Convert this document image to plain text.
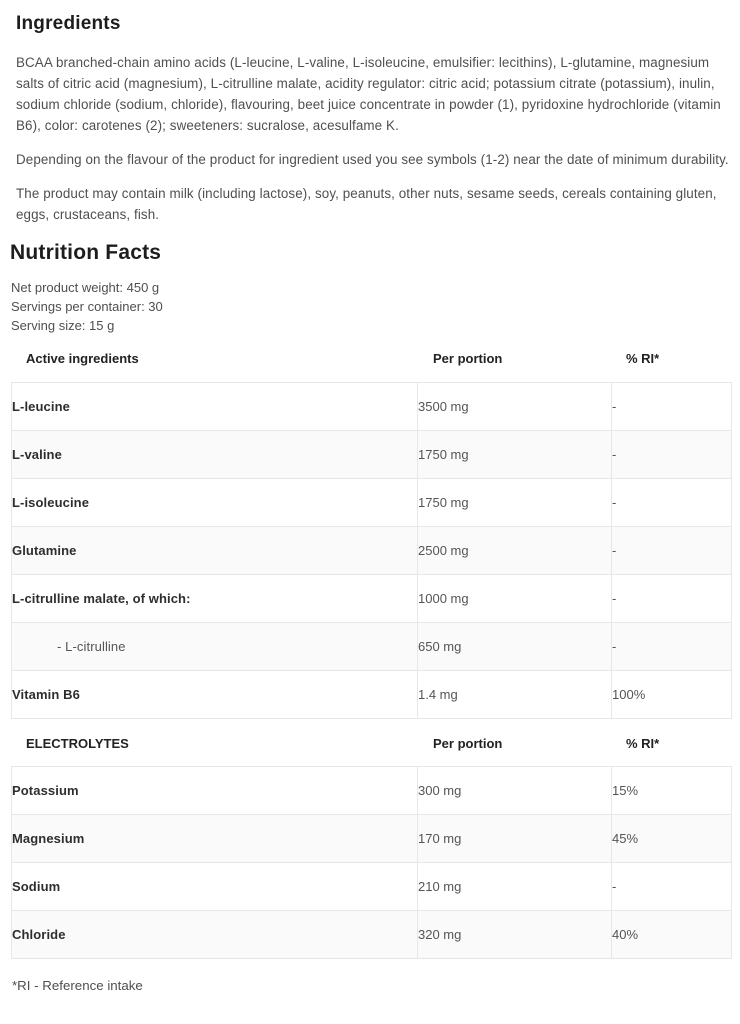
Ingredients

BCAA branched-chain amino acids (L-leucine, L-valine, L-isoleucine, emulsifier: lecithins), L-glutamine, magnesium salts of citric acid (magnesium), L-citrulline malate, acidity regulator: citric acid; potassium citrate (potassium), inulin, sodium chloride (sodium, chloride), flavouring, beet juice concentrate in powder (1), pyridoxine hydrochloride (vitamin B6), color: carotenes (2); sweeteners: sucralose, acesulfame K.

Depending on the flavour of the product for ingredient used you see symbols (1-2) near the date of minimum durability.

The product may contain milk (including lactose), soy, peanuts, other nuts, sesame seeds, cereals containing gluten, eggs, crustaceans, fish.

Nutrition Facts
Net product weight: 450 g
Servings per container: 30
Serving size: 15 g
Active ingredients	Per portion	% RI*
L-leucine	3500 mg	-
L-valine	1750 mg	-
L-isoleucine	1750 mg	-
Glutamine	2500 mg	-
L-citrulline malate, of which:	1000 mg	-
- L-citrulline	650 mg	-
Vitamin B6	1.4 mg	100%
ELECTROLYTES	Per portion	% RI*
Potassium	300 mg	15%
Magnesium	170 mg	45%
Sodium	210 mg	-
Chloride	320 mg	40%
*RI - Reference intake
